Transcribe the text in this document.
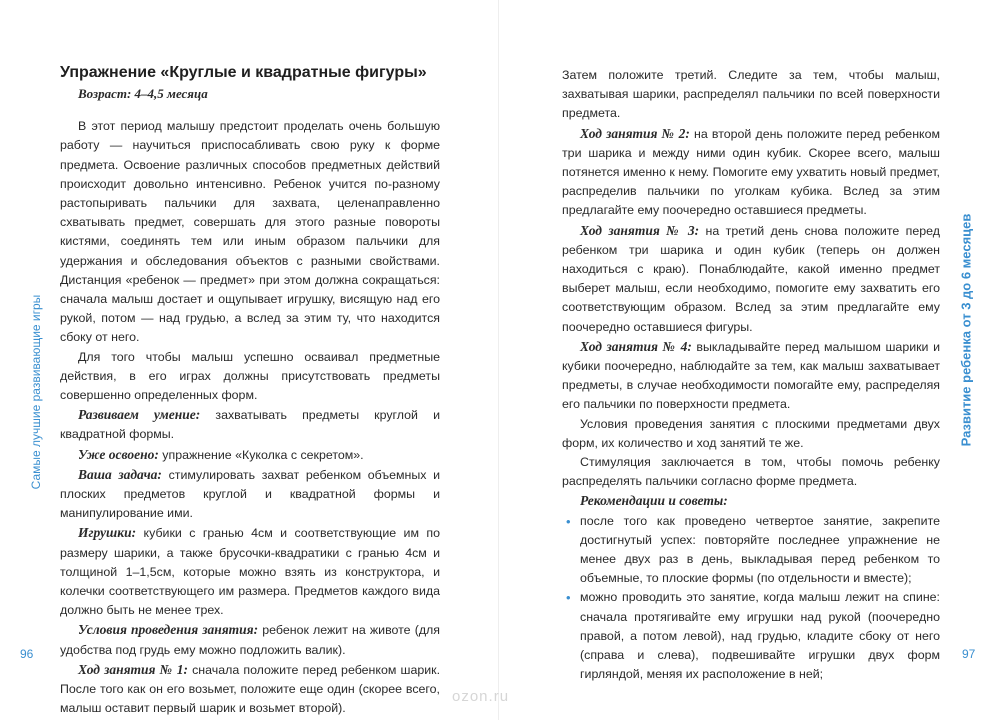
Самые лучшие развивающие игры
96
Развитие ребенка от 3 до 6 месяцев
97
Упражнение «Круглые и квадратные фигуры»
Возраст: 4–4,5 месяца

В этот период малышу предстоит проделать очень большую работу — научиться приспосабливать свою руку к форме предмета. Освоение различных способов предметных действий происходит довольно интенсивно. Ребенок учится по-разному растопыривать пальчики для захвата, целенаправленно схватывать предмет, совершать для этого разные повороты кистями, соединять тем или иным образом пальчики для удержания и обследования объектов с разными свойствами. Дистанция «ребенок — предмет» при этом должна сокращаться: сначала малыш достает и ощупывает игрушку, висящую над его рукой, потом — над грудью, а вслед за этим ту, что находится сбоку от него.

Для того чтобы малыш успешно осваивал предметные действия, в его играх должны присутствовать предметы совершенно определенных форм.

Развиваем умение: захватывать предметы круглой и квадратной формы.

Уже освоено: упражнение «Куколка с секретом».

Ваша задача: стимулировать захват ребенком объемных и плоских предметов круглой и квадратной формы и манипулирование ими.

Игрушки: кубики с гранью 4см и соответствующие им по размеру шарики, а также брусочки-квадратики с гранью 4см и толщиной 1–1,5см, которые можно взять из конструктора, и колечки соответствующего им размера. Предметов каждого вида должно быть не менее трех.

Условия проведения занятия: ребенок лежит на животе (для удобства под грудь ему можно подложить валик).

Ход занятия № 1: сначала положите перед ребенком шарик. После того как он его возьмет, положите еще один (скорее всего, малыш оставит первый шарик и возьмет второй).

Затем положите третий. Следите за тем, чтобы малыш, захватывая шарики, распределял пальчики по всей поверхности предмета.

Ход занятия № 2: на второй день положите перед ребенком три шарика и между ними один кубик. Скорее всего, малыш потянется именно к нему. Помогите ему ухватить новый предмет, распределив пальчики по уголкам кубика. Вслед за этим предлагайте ему поочередно оставшиеся предметы.

Ход занятия № 3: на третий день снова положите перед ребенком три шарика и один кубик (теперь он должен находиться с краю). Понаблюдайте, какой именно предмет выберет малыш, если необходимо, помогите ему захватить его соответствующим образом. Вслед за этим предлагайте ему поочередно оставшиеся фигуры.

Ход занятия № 4: выкладывайте перед малышом шарики и кубики поочередно, наблюдайте за тем, как малыш захватывает предметы, в случае необходимости помогайте ему, распределяя его пальчики по поверхности предмета.

Условия проведения занятия с плоскими предметами двух форм, их количество и ход занятий те же.

Стимуляция заключается в том, чтобы помочь ребенку распределять пальчики согласно форме предмета.

Рекомендации и советы:

• после того как проведено четвертое занятие, закрепите достигнутый успех: повторяйте последнее упражнение не менее двух раз в день, выкладывая перед ребенком то объемные, то плоские формы (по отдельности и вместе);
• можно проводить это занятие, когда малыш лежит на спине: сначала протягивайте ему игрушки над рукой (поочередно правой, а потом левой), над грудью, кладите сбоку от него (справа и слева), подвешивайте игрушки двух форм гирляндой, меняя их расположение в ней;
ozon.ru
